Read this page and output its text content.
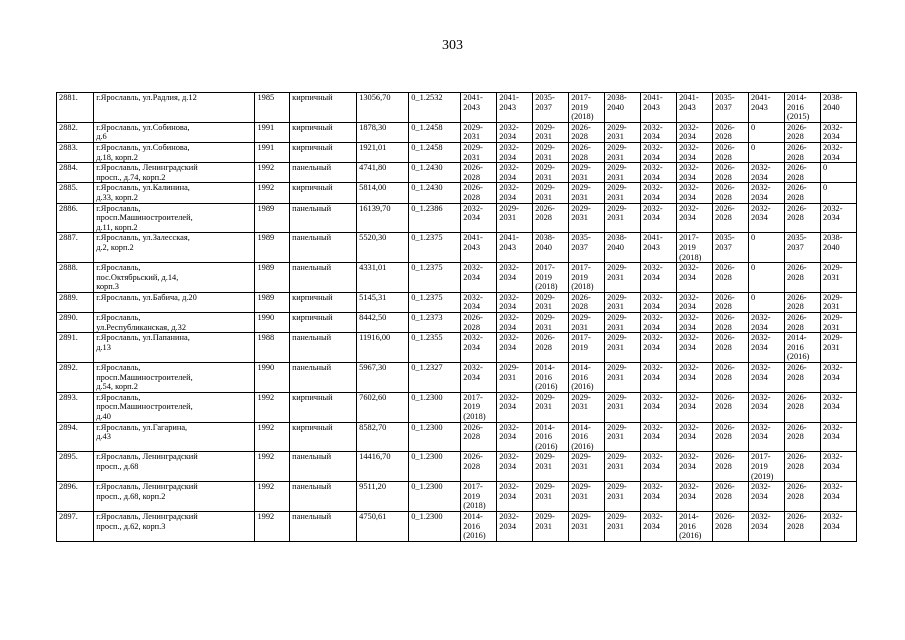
303
2881.	г.Ярославль, ул.Радлия, д.12	1985	кирпичный	13056,70	0_1.2532	2041-
2043	2041-
2043	2035-
2037	2017-
2019
(2018)	2038-
2040	2041-
2043	2041-
2043	2035-
2037	2041-
2043	2014-
2016
(2015)	2038-
2040

2882.	г.Ярославль, ул.Собинова,
д.6	1991	кирпичный	1878,30	0_1.2458	2029-
2031	2032-
2034	2029-
2031	2026-
2028	2029-
2031	2032-
2034	2032-
2034	2026-
2028	0	2026-
2028	2032-
2034

2883.	г.Ярославль, ул.Собинова,
д.18, корп.2	1991	кирпичный	1921,01	0_1.2458	2029-
2031	2032-
2034	2029-
2031	2026-
2028	2029-
2031	2032-
2034	2032-
2034	2026-
2028	0	2026-
2028	2032-
2034

2884.	г.Ярославль, Ленинградский
просп., д.74, корп.2	1992	панельный	4741,80	0_1.2430	2026-
2028	2032-
2034	2029-
2031	2029-
2031	2029-
2031	2032-
2034	2032-
2034	2026-
2028	2032-
2034	2026-
2028	0

2885.	г.Ярославль, ул.Калинина,
д.33, корп.2	1992	кирпичный	5814,00	0_1.2430	2026-
2028	2032-
2034	2029-
2031	2029-
2031	2029-
2031	2032-
2034	2032-
2034	2026-
2028	2032-
2034	2026-
2028	0

2886.	г.Ярославль,
просп.Машиностроителей,
д.11, корп.2	1989	панельный	16139,70	0_1.2386	2032-
2034	2029-
2031	2026-
2028	2029-
2031	2029-
2031	2032-
2034	2032-
2034	2026-
2028	2032-
2034	2026-
2028	2032-
2034

2887.	г.Ярославль, ул.Залесская,
д.2, корп.2	1989	панельный	5520,30	0_1.2375	2041-
2043	2041-
2043	2038-
2040	2035-
2037	2038-
2040	2041-
2043	2017-
2019
(2018)	2035-
2037	0	2035-
2037	2038-
2040

2888.	г.Ярославль,
пос.Октябрьский, д.14,
корп.3	1989	панельный	4331,01	0_1.2375	2032-
2034	2032-
2034	2017-
2019
(2018)	2017-
2019
(2018)	2029-
2031	2032-
2034	2032-
2034	2026-
2028	0	2026-
2028	2029-
2031

2889.	г.Ярославль, ул.Бабича, д.20	1989	кирпичный	5145,31	0_1.2375	2032-
2034	2032-
2034	2029-
2031	2026-
2028	2029-
2031	2032-
2034	2032-
2034	2026-
2028	0	2026-
2028	2029-
2031

2890.	г.Ярославль,
ул.Республиканская, д.32	1990	кирпичный	8442,50	0_1.2373	2026-
2028	2032-
2034	2029-
2031	2029-
2031	2029-
2031	2032-
2034	2032-
2034	2026-
2028	2032-
2034	2026-
2028	2029-
2031

2891.	г.Ярославль, ул.Папанина,
д.13	1988	панельный	11916,00	0_1.2355	2032-
2034	2032-
2034	2026-
2028	2017-
2019	2029-
2031	2032-
2034	2032-
2034	2026-
2028	2032-
2034	2014-
2016
(2016)	2029-
2031

2892.	г.Ярославль,
просп.Машиностроителей,
д.54, корп.2	1990	панельный	5967,30	0_1.2327	2032-
2034	2029-
2031	2014-
2016
(2016)	2014-
2016
(2016)	2029-
2031	2032-
2034	2032-
2034	2026-
2028	2032-
2034	2026-
2028	2032-
2034

2893.	г.Ярославль,
просп.Машиностроителей,
д.40	1992	кирпичный	7602,60	0_1.2300	2017-
2019
(2018)	2032-
2034	2029-
2031	2029-
2031	2029-
2031	2032-
2034	2032-
2034	2026-
2028	2032-
2034	2026-
2028	2032-
2034

2894.	г.Ярославль, ул.Гагарина,
д.43	1992	кирпичный	8582,70	0_1.2300	2026-
2028	2032-
2034	2014-
2016
(2016)	2014-
2016
(2016)	2029-
2031	2032-
2034	2032-
2034	2026-
2028	2032-
2034	2026-
2028	2032-
2034

2895.	г.Ярославль, Ленинградский
просп., д.68	1992	панельный	14416,70	0_1.2300	2026-
2028	2032-
2034	2029-
2031	2029-
2031	2029-
2031	2032-
2034	2032-
2034	2026-
2028	2017-
2019
(2019)	2026-
2028	2032-
2034

2896.	г.Ярославль, Ленинградский
просп., д.68, корп.2	1992	панельный	9511,20	0_1.2300	2017-
2019
(2018)	2032-
2034	2029-
2031	2029-
2031	2029-
2031	2032-
2034	2032-
2034	2026-
2028	2032-
2034	2026-
2028	2032-
2034

2897.	г.Ярославль, Ленинградский
просп., д.62, корп.3	1992	панельный	4750,61	0_1.2300	2014-
2016
(2016)	2032-
2034	2029-
2031	2029-
2031	2029-
2031	2032-
2034	2014-
2016
(2016)	2026-
2028	2032-
2034	2026-
2028	2032-
2034
